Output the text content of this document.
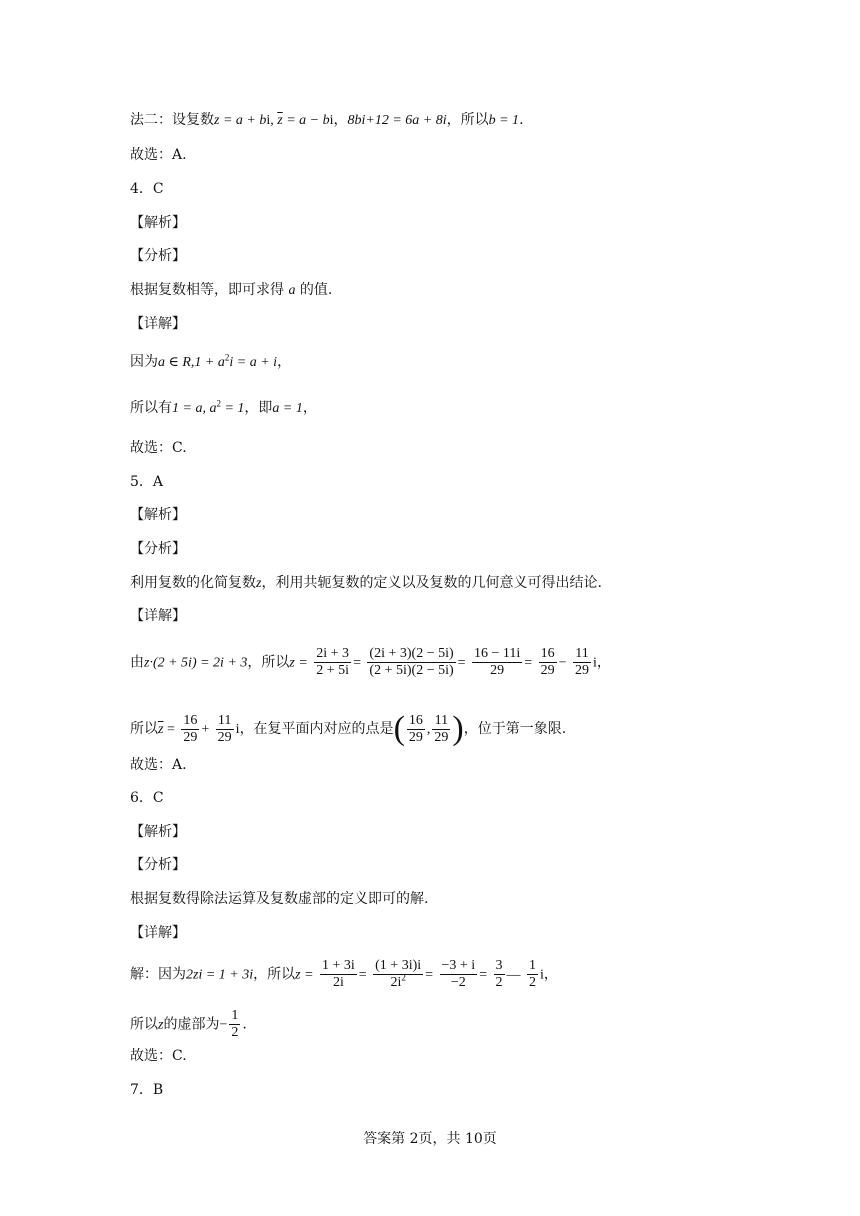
法二：设复数z = a + bi, $\overline{z} = a$ − bi，8bi+12 = 6a + 8i，所以b = 1.
故选：A.
4．C
【解析】
【分析】
根据复数相等，即可求得 a 的值.
【详解】
因为a ∈ $R,1 + a^2i = a + i$，
所以有1 = a, $a^2 = 1$，即a = 1，
故选：C.
5．A
【解析】
【分析】
利用复数的化简复数z，利用共轭复数的定义以及复数的几何意义可得出结论.
【详解】
由z·(2 + 5i) = 2i + 3，所以$z = \frac{2i + 3}{2 + 5i} = \frac{(2i + 3)(2 - 5i)}{(2 + 5i)(2 - 5i)} = \frac{16 - 11i}{29} = \frac{16}{29} - \frac{11}{29}$ i，
所以$\overline{z} = \frac{16}{29} + \frac{11}{29}$ i，在复平面内对应的点是( $\frac{16}{29}$ , $\frac{11}{29}$ )，位于第一象限.
故选：A.
6．C
【解析】
【分析】
根据复数得除法运算及复数虚部的定义即可的解.
【详解】
解：因为2zi = 1 + 3i，所以$z = \frac{1 + 3i}{2i} = \frac{(1 + 3i)i}{2i^2} = \frac{-3 + i}{-2} = \frac{3}{2}$ — $\frac{1}{2}$ i，
所以z的虚部为− $\frac{1}{2}$ .
故选：C.
7．B
答案第 2页，共 10页
